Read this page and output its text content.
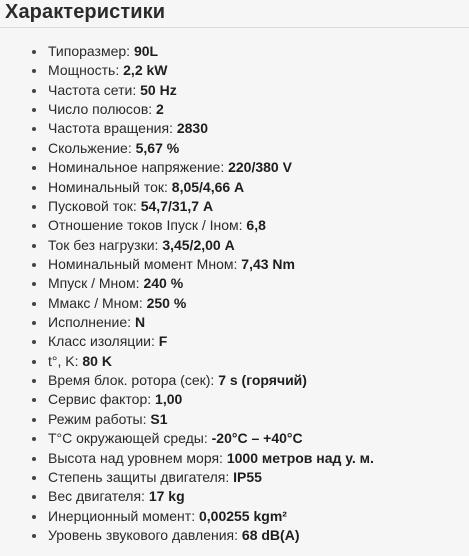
Характеристики
Типоразмер: 90L
Мощность: 2,2 kW
Частота сети: 50 Hz
Число полюсов: 2
Частота вращения: 2830
Скольжение: 5,67 %
Номинальное напряжение: 220/380 V
Номинальный ток: 8,05/4,66 A
Пусковой ток: 54,7/31,7 A
Отношение токов Iпуск / Iном: 6,8
Ток без нагрузки: 3,45/2,00 A
Номинальный момент Mном: 7,43 Nm
Mпуск / Mном: 240 %
Mмакс / Mном: 250 %
Исполнение: N
Класс изоляции: F
t°, K: 80 K
Время блок. ротора (сек): 7 s (горячий)
Сервис фактор: 1,00
Режим работы: S1
T°C окружающей среды: -20°C – +40°C
Высота над уровнем моря: 1000 метров над у. м.
Степень защиты двигателя: IP55
Вес двигателя: 17 kg
Инерционный момент: 0,00255 kgm²
Уровень звукового давления: 68 dB(A)
